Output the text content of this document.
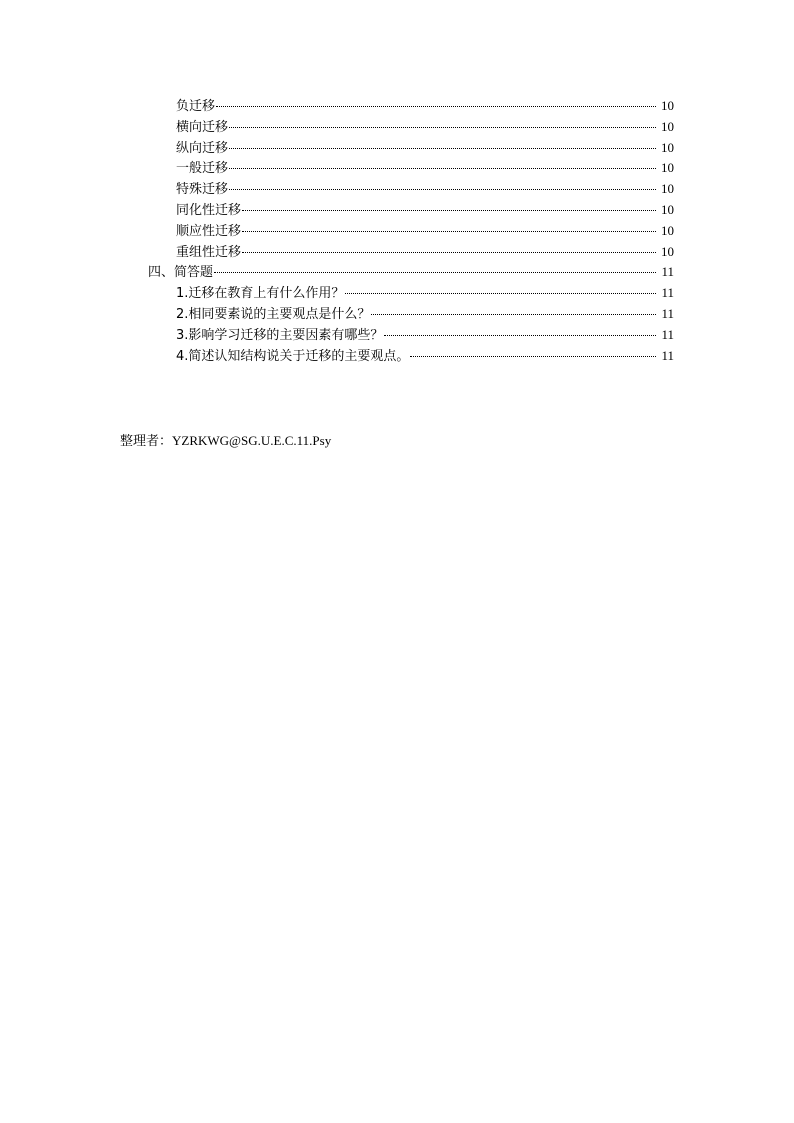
负迁移	10
横向迁移	10
纵向迁移	10
一般迁移	10
特殊迁移	10
同化性迁移	10
顺应性迁移	10
重组性迁移	10
四、简答题	11
1.迁移在教育上有什么作用？	11
2.相同要素说的主要观点是什么？	11
3.影响学习迁移的主要因素有哪些？	11
4.简述认知结构说关于迁移的主要观点。	11
整理者：YZRKWG@SG.U.E.C.11.Psy
